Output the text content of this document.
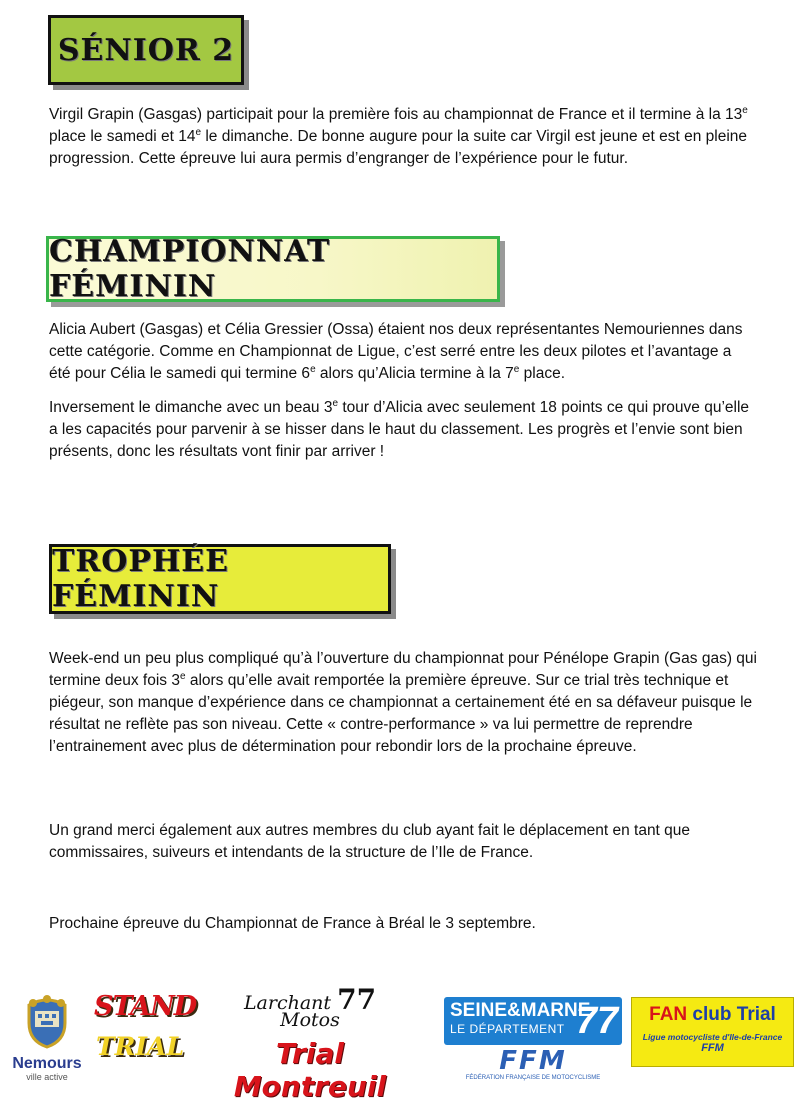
SÉNIOR 2

Virgil Grapin (Gasgas) participait pour la première fois au championnat de France et il termine à la 13e place le samedi et 14e le dimanche. De bonne augure pour la suite car Virgil est jeune et est en pleine progression. Cette épreuve lui aura permis d’engranger de l’expérience pour le futur.

CHAMPIONNAT FÉMININ

Alicia Aubert (Gasgas) et Célia Gressier (Ossa) étaient nos deux représentantes Nemouriennes dans cette catégorie. Comme en Championnat de Ligue, c’est serré entre les deux pilotes et l’avantage a été pour Célia le samedi qui termine 6e alors qu’Alicia termine à la 7e place.

Inversement le dimanche avec un beau 3e tour d’Alicia avec seulement 18 points ce qui prouve qu’elle a les capacités pour parvenir à se hisser dans le haut du classement. Les progrès et l’envie sont bien présents, donc les résultats vont finir par arriver !

TROPHÉE FÉMININ

Week-end un peu plus compliqué qu’à l’ouverture du championnat pour Pénélope Grapin (Gas gas) qui termine deux fois 3e alors qu’elle avait remportée la première épreuve. Sur ce trial très technique et piégeur, son manque d’expérience dans ce championnat a certainement été en sa défaveur puisque le résultat ne reflète pas son niveau. Cette « contre-performance » va lui permettre de reprendre l’entrainement avec plus de détermination pour rebondir lors de la prochaine épreuve.

Un grand merci également aux autres membres du club ayant fait le déplacement en tant que commissaires, suiveurs et intendants de la structure de l’Ile de France.

Prochaine épreuve du Championnat de France à Bréal le 3 septembre.

Nemours
ville active
STAND
TRIAL
Larchant 77
Motos
Trial Montreuil
SEINE&MARNE
LE DÉPARTEMENT 77
FFM
FÉDÉRATION FRANÇAISE DE MOTOCYCLISME
FAN club Trial
Ligue motocycliste d'Ile-de-France
FFM
